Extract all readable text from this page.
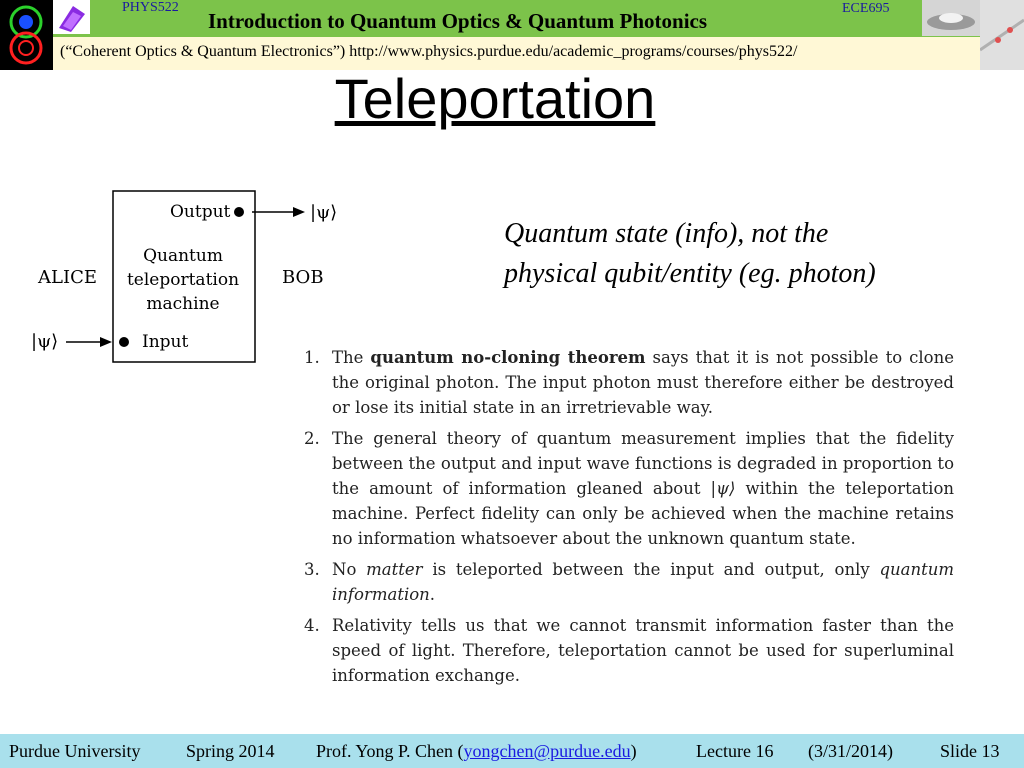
PHYS522	ECE695
Introduction to Quantum Optics & Quantum Photonics
(“Coherent Optics & Quantum Electronics”) http://www.physics.purdue.edu/academic_programs/courses/phys522/
Teleportation
ALICE	BOB
Output
Input
Quantum
teleportation
machine
|ψ⟩
|ψ⟩
Quantum state (info), not the
physical qubit/entity (eg. photon)
1. The quantum no-cloning theorem says that it is not possible to clone the original photon. The input photon must therefore either be destroyed or lose its initial state in an irretrievable way.
2. The general theory of quantum measurement implies that the fidelity between the output and input wave functions is degraded in proportion to the amount of information gleaned about |ψ⟩ within the teleportation machine. Perfect fidelity can only be achieved when the machine retains no information whatsoever about the unknown quantum state.
3. No matter is teleported between the input and output, only quantum information.
4. Relativity tells us that we cannot transmit information faster than the speed of light. Therefore, teleportation cannot be used for superluminal information exchange.
Purdue University	Spring 2014 Prof. Yong P. Chen (yongchen@purdue.edu)	Lecture 16 (3/31/2014)	Slide 13
